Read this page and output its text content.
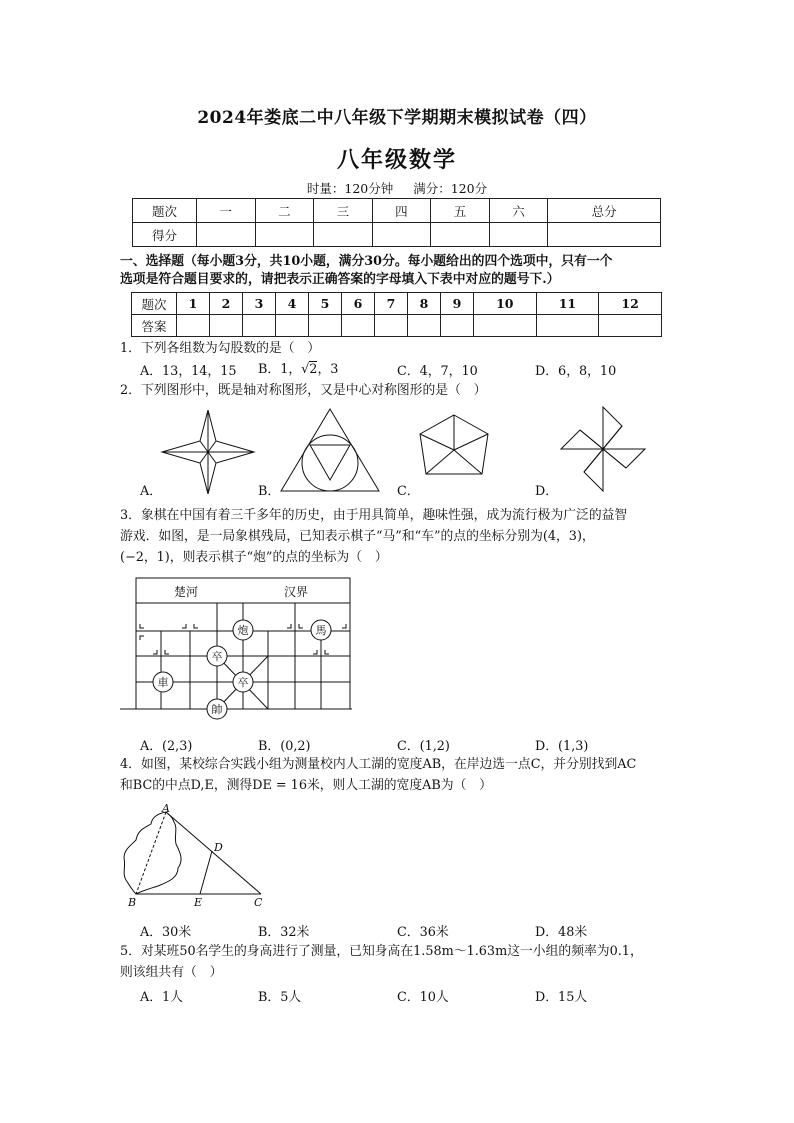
2024年娄底二中八年级下学期期末模拟试卷（四）
八年级数学
时量：120分钟 满分：120分
题次	一	二	三	四	五	六	总分
得分							
一、选择题（每小题3分，共10小题，满分30分。每小题给出的四个选项中，只有一个
选项是符合题目要求的，请把表示正确答案的字母填入下表中对应的题号下.）
题次	1	2	3	4	5	6	7	8	9	10	11	12
答案												
1．下列各组数为勾股数的是（　）
A．13，14，15 B．1，√2，3	C．4，7，10	D．6，8，10
2．下列图形中，既是轴对称图形，又是中心对称图形的是（　）
A．	B．	C．	D．
3．象棋在中国有着三千多年的历史，由于用具简单，趣味性强，成为流行极为广泛的益智
游戏．如图，是一局象棋残局，已知表示棋子“马”和“车”的点的坐标分别为(4，3)，
(−2，1)，则表示棋子“炮”的点的坐标为（　）
楚河	汉界
炮	馬
卒
卒
車
帥
A．(2,3)	B．(0,2)	C．(1,2)	D．(1,3)
4．如图，某校综合实践小组为测量校内人工湖的宽度AB，在岸边选一点C，并分别找到AC
和BC的中点D,E，测得DE = 16米，则人工湖的宽度AB为（　）
A
B	C
D
E
A．30米	B．32米	C．36米	D．48米
5．对某班50名学生的身高进行了测量，已知身高在1.58m～1.63m这一小组的频率为0.1，
则该组共有（　）
A．1人	B．5人	C．10人	D．15人
